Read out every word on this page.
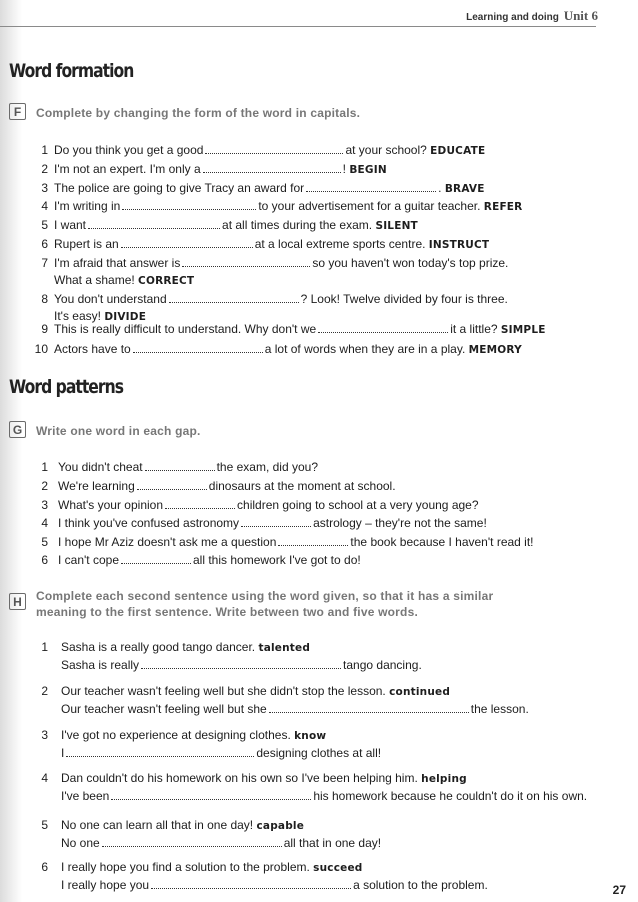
Learning and doing Unit 6
Word formation
F	Complete by changing the form of the word in capitals.
1 Do you think you get a good	at your school? EDUCATE
2 I'm not an expert. I'm only a	! BEGIN
3 The police are going to give Tracy an award for	. BRAVE
4 I'm writing in	to your advertisement for a guitar teacher. REFER
5 I want	at all times during the exam. SILENT
6 Rupert is an	at a local extreme sports centre. INSTRUCT
7 I'm afraid that answer is	so you haven't won today's top prize.
What a shame! CORRECT
8 You don't understand	? Look! Twelve divided by four is three.
It's easy! DIVIDE
9 This is really difficult to understand. Why don't we	it a little? SIMPLE
10 Actors have to	a lot of words when they are in a play. MEMORY
Word patterns
G	Write one word in each gap.
1 You didn't cheat	the exam, did you?
2 We're learning	dinosaurs at the moment at school.
3 What's your opinion	children going to school at a very young age?
4 I think you've confused astronomy	astrology – they're not the same!
5 I hope Mr Aziz doesn't ask me a question	the book because I haven't read it!
6 I can't cope	all this homework I've got to do!
H	Complete each second sentence using the word given, so that it has a similar
meaning to the first sentence. Write between two and five words.
1 Sasha is a really good tango dancer. talented
Sasha is really	tango dancing.
2 Our teacher wasn't feeling well but she didn't stop the lesson. continued
Our teacher wasn't feeling well but she	the lesson.
3 I've got no experience at designing clothes. know
I	designing clothes at all!
4 Dan couldn't do his homework on his own so I've been helping him. helping
I've been	his homework because he couldn't do it on his own.
5 No one can learn all that in one day! capable
No one	all that in one day!
6 I really hope you find a solution to the problem. succeed
I really hope you	a solution to the problem.	27
